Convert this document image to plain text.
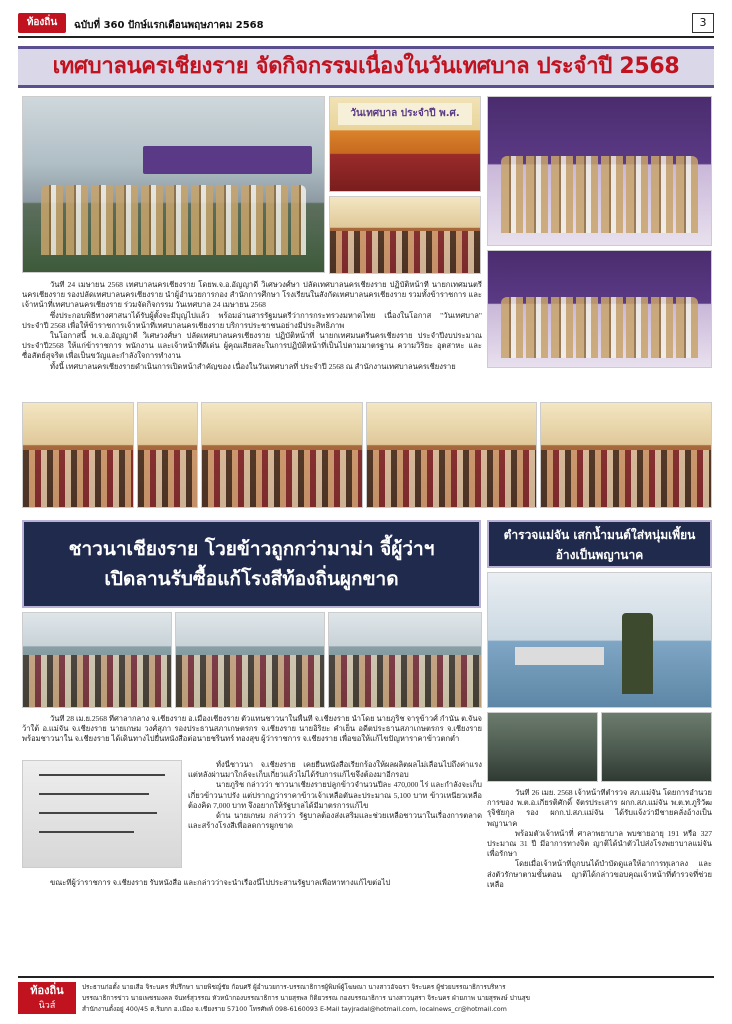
ท้องถิ่น	ฉบับที่ 360 ปักษ์แรกเดือนพฤษภาคม 2568	3
เทศบาลนครเชียงราย จัดกิจกรรมเนื่องในวันเทศบาล ประจำปี 2568
วันเทศบาล ประจำปี พ.ศ.

วันที่ 24 เมษายน 2568 เทศบาลนครเชียงราย โดยพ.จ.อ.อัญญาดี วิเศษวงศ์ษา ปลัดเทศบาลนครเชียงราย ปฏิบัติหน้าที่ นายกเทศมนตรีนครเชียงราย รองปลัดเทศบาลนครเชียงราย นำผู้อำนวยการกอง สำนักการศึกษา โรงเรียนในสังกัดเทศบาลนครเชียงราย รวมทั้งข้าราชการ และเจ้าหน้าที่เทศบาลนครเชียงราย ร่วมจัดกิจกรรม วันเทศบาล 24 เมษายน 2568

ซึ่งประกอบพิธีทางศาสนาได้รับผู้ตั้งจะมีบุญไปแล้ว พร้อมอ่านสารรัฐมนตรีว่าการกระทรวงมหาดไทย เนื่องในโอกาส "วันเทศบาล" ประจำปี 2568 เพื่อให้ข้าราชการเจ้าหน้าที่เทศบาลนครเชียงราย บริการประชาชนอย่างมีประสิทธิภาพ

ในโอกาสนี้ พ.จ.อ.อัญญาดี วิเศษวงศ์ษา ปลัดเทศบาลนครเชียงราย ปฏิบัติหน้าที่ นายกเทศมนตรีนครเชียงราย ประจำปีงบประมาณ ประจำปี2568 ให้แก่ข้าราชการ พนักงาน และเจ้าหน้าที่ดีเด่น ผู้คุณเสียสละในการปฏิบัติหน้าที่เป็นไปตามมาตรฐาน ความวิริยะ อุตสาหะ และซื่อสัตย์สุจริต เพื่อเป็นขวัญและกำลังใจการทำงาน

ทั้งนี้ เทศบาลนครเชียงรายดำเนินการเปิดหน้าสำคัญของ เนื่องในวันเทศบาลที่ ประจำปี 2568 ณ สำนักงานเทศบาลนครเชียงราย

ชาวนาเชียงราย โวยข้าวถูกกว่ามาม่า จี้ผู้ว่าฯ
เปิดลานรับซื้อแก้โรงสีท้องถิ่นผูกขาด

วันที่ 28 เม.ย.2568 ที่ศาลากลาง จ.เชียงราย อ.เมืองเชียงราย ตัวแทนชาวนาในพื้นที่ จ.เชียงราย นำโดย นายภูริช จารุข้าวศ์ กำนัน ต.จันจว้าใต้ อ.แม่จัน จ.เชียงราย นายเกษม วงศ์สุภา รองประธานสภาเกษตรกร จ.เชียงราย นายอิริยะ คำเย็น อดีตประธานสภาเกษตรกร จ.เชียงราย พร้อมชาวนาใน จ.เชียงราย ได้เดินทางไปยื่นหนังสือต่อนายชรินทร์ ทองสุข ผู้ว่าราชการ จ.เชียงราย เพื่อขอให้แก้ไขปัญหาราคาข้าวตกต่ำ

ทั้งนี้ชาวนา จ.เชียงราย เคยยื่นหนังสือเรียกร้องให้ผลผลิตผลไม่เลื่อนไปถึงค่าแรง แต่หลังผ่านมาใกล้จะเก็บเกี่ยวแล้วไม่ได้รับการแก้ไขจึงต้องมาอีกรอบ

นายภูริช กล่าวว่า ชาวนาเชียงรายปลูกข้าวจำนวนปีละ 470,000 ไร่ และกำลังจะเก็บเกี่ยวข้าวนาปรัง แต่ปรากฏว่าราคาข้าวเจ้าเหลือตันละประมาณ 5,100 บาท ข้าวเหนียวเหลือต้องคิด 7,000 บาท จึงอยากให้รัฐบาลได้มีมาตรการแก้ไข

ด้าน นายเกษม กล่าวว่า รัฐบาลต้องส่งเสริมและช่วยเหลือชาวนาในเรื่องการตลาดและสร้างโรงสีเพื่อลดการผูกขาด

ขณะที่ผู้ว่าราชการ จ.เชียงราย รับหนังสือ และกล่าวว่าจะนำเรื่องนี้ไปประสานรัฐบาลเพื่อหาทางแก้ไขต่อไป

ตำรวจแม่จัน เสกน้ำมนต์ใส่หนุ่มเพี้ยน
อ้างเป็นพญานาค

วันที่ 26 เมย. 2568 เจ้าหน้าที่ตำรวจ สภ.แม่จัน โดยการอำนวยการของ พ.ต.อ.เกียรติศักดิ์ จัตรประเสาร ผกก.สภ.แม่จัน พ.ต.ท.ภูริวัฒ รุจิชัยกุล รอง ผกก.ป.สภ.แม่จัน ได้รับแจ้งว่ามีชายคลั่งอ้างเป็นพญานาค

พร้อมตัวเจ้าหน้าที่ ศาลาพยาบาล พบชายอายุ 191 หรือ 327 ประมาณ 31 ปี มีอาการทางจิต ญาติได้นำตัวไปส่งโรงพยาบาลแม่จันเพื่อรักษา

โดยเมื่อเจ้าหน้าที่ถูกบนได้บำบัดดูแลให้อาการทุเลาลง และส่งตัวรักษาตามขั้นตอน ญาติได้กล่าวขอบคุณเจ้าหน้าที่ตำรวจที่ช่วยเหลือ

ท้องถิ่น
นิวส์
ประธานก่อตั้ง นายเสือ จิระนคร ที่ปรึกษา นายพิชญ์ชัย ก้อนศรี ผู้อำนวยการ-บรรณาธิการผู้พิมพ์ผู้โฆษณา นางสาวอัจฉรา จิระนคร ผู้ช่วยบรรณาธิการบริหาร
บรรณาธิการข่าว นายเพชรมงคล จันทร์สุวรรณ หัวหน้ากองบรรณาธิการ นายสุรพล กิติยวรรณ กองบรรณาธิการ นางสาวนุสรา จิระนคร ฝ่ายภาพ นายสุรพงษ์ ปานสุข
สำนักงานตั้งอยู่ 400/45 ต.ริมกก อ.เมือง จ.เชียงราย 57100 โทรศัพท์ 098-6160093 E-Mail tayjradal@hotmail.com, localnews_cr@hotmail.com
